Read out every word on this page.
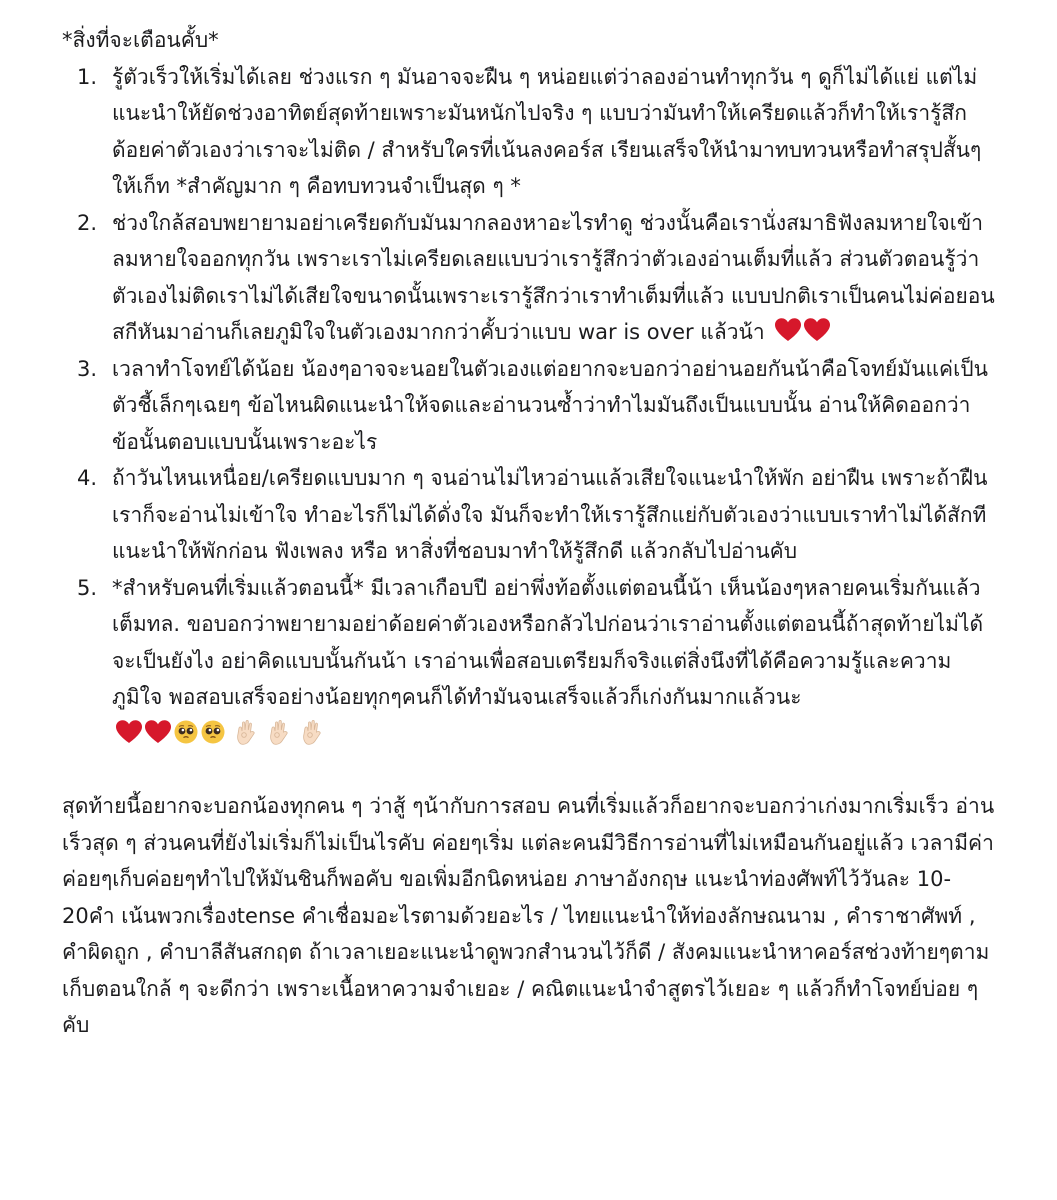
*สิ่งที่จะเตือนคั้บ*

1. รู้ตัวเร็วให้เริ่มได้เลย ช่วงแรก ๆ มันอาจจะฝืน ๆ หน่อยแต่ว่าลองอ่านทำทุกวัน ๆ ดูก็ไม่ได้แย่ แต่ไม่แนะนำให้ยัดช่วงอาทิตย์สุดท้ายเพราะมันหนักไปจริง ๆ แบบว่ามันทำให้เครียดแล้วก็ทำให้เรารู้สึกด้อยค่าตัวเองว่าเราจะไม่ติด / สำหรับใครที่เน้นลงคอร์ส เรียนเสร็จให้นำมาทบทวนหรือทำสรุปสั้นๆให้เก็ท *สำคัญมาก ๆ คือทบทวนจำเป็นสุด ๆ *
2. ช่วงใกล้สอบพยายามอย่าเครียดกับมันมากลองหาอะไรทำดู ช่วงนั้นคือเรานั่งสมาธิฟังลมหายใจเข้าลมหายใจออกทุกวัน เพราะเราไม่เครียดเลยแบบว่าเรารู้สึกว่าตัวเองอ่านเต็มที่แล้ว ส่วนตัวตอนรู้ว่าตัวเองไม่ติดเราไม่ได้เสียใจขนาดนั้นเพราะเรารู้สึกว่าเราทำเต็มที่แล้ว แบบปกติเราเป็นคนไม่ค่อยอนสกีหันมาอ่านก็เลยภูมิใจในตัวเองมากกว่าคั้บว่าแบบ war is over แล้วน้า
3. เวลาทำโจทย์ได้น้อย น้องๆอาจจะนอยในตัวเองแต่อยากจะบอกว่าอย่านอยกันน้าคือโจทย์มันแค่เป็นตัวชี้เล็กๆเฉยๆ ข้อไหนผิดแนะนำให้จดและอ่านวนซ้ำว่าทำไมมันถึงเป็นแบบนั้น อ่านให้คิดออกว่าข้อนั้นตอบแบบนั้นเพราะอะไร
4. ถ้าวันไหนเหนื่อย/เครียดแบบมาก ๆ จนอ่านไม่ไหวอ่านแล้วเสียใจแนะนำให้พัก อย่าฝืน เพราะถ้าฝืนเราก็จะอ่านไม่เข้าใจ ทำอะไรก็ไม่ได้ดั่งใจ มันก็จะทำให้เรารู้สึกแย่กับตัวเองว่าแบบเราทำไม่ได้สักที แนะนำให้พักก่อน ฟังเพลง หรือ หาสิ่งที่ชอบมาทำให้รู้สึกดี แล้วกลับไปอ่านคับ
5. *สำหรับคนที่เริ่มแล้วตอนนี้* มีเวลาเกือบปี อย่าพึ่งท้อตั้งแต่ตอนนี้น้า เห็นน้องๆหลายคนเริ่มกันแล้วเต็มทล. ขอบอกว่าพยายามอย่าด้อยค่าตัวเองหรือกลัวไปก่อนว่าเราอ่านตั้งแต่ตอนนี้ถ้าสุดท้ายไม่ได้จะเป็นยังไง อย่าคิดแบบนั้นกันน้า เราอ่านเพื่อสอบเตรียมก็จริงแต่สิ่งนึงที่ได้คือความรู้และความภูมิใจ พอสอบเสร็จอย่างน้อยทุกๆคนก็ได้ทำมันจนเสร็จแล้วก็เก่งกันมากแล้วนะ

สุดท้ายนี้อยากจะบอกน้องทุกคน ๆ ว่าสู้ ๆน้ากับการสอบ คนที่เริ่มแล้วก็อยากจะบอกว่าเก่งมากเริ่มเร็ว อ่านเร็วสุด ๆ ส่วนคนที่ยังไม่เริ่มก็ไม่เป็นไรคับ ค่อยๆเริ่ม แต่ละคนมีวิธีการอ่านที่ไม่เหมือนกันอยู่แล้ว เวลามีค่าค่อยๆเก็บค่อยๆทำไปให้มันชินก็พอคับ ขอเพิ่มอีกนิดหน่อย ภาษาอังกฤษ แนะนำท่องศัพท์ไว้วันละ 10-20คำ เน้นพวกเรื่องtense คำเชื่อมอะไรตามด้วยอะไร / ไทยแนะนำให้ท่องลักษณนาม , คำราชาศัพท์ , คำผิดถูก , คำบาลีสันสกฤต ถ้าเวลาเยอะแนะนำดูพวกสำนวนไว้ก็ดี / สังคมแนะนำหาคอร์สช่วงท้ายๆตามเก็บตอนใกล้ ๆ จะดีกว่า เพราะเนื้อหาความจำเยอะ / คณิตแนะนำจำสูตรไว้เยอะ ๆ แล้วก็ทำโจทย์บ่อย ๆ คับ
